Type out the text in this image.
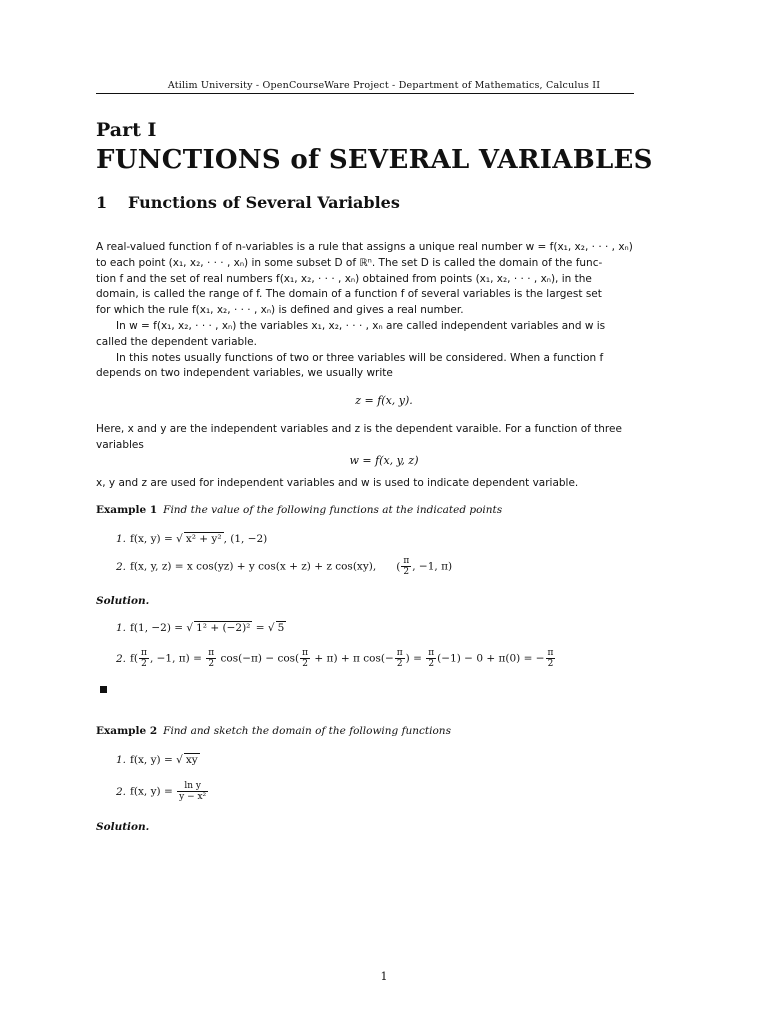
Atilim University - OpenCourseWare Project - Department of Mathematics, Calculus II
Part I
FUNCTIONS of SEVERAL VARIABLES
1 Functions of Several Variables
A real-valued function f of n-variables is a rule that assigns a unique real number w = f(x₁, x₂, · · · , xₙ)
to each point (x₁, x₂, · · · , xₙ) in some subset D of ℝⁿ. The set D is called the domain of the func-
tion f and the set of real numbers f(x₁, x₂, · · · , xₙ) obtained from points (x₁, x₂, · · · , xₙ), in the
domain, is called the range of f. The domain of a function f of several variables is the largest set
for which the rule f(x₁, x₂, · · · , xₙ) is defined and gives a real number.
In w = f(x₁, x₂, · · · , xₙ) the variables x₁, x₂, · · · , xₙ are called independent variables and w is
called the dependent variable.
In this notes usually functions of two or three variables will be considered. When a function f
depends on two independent variables, we usually write
z = f(x, y).
Here, x and y are the independent variables and z is the dependent varaible. For a function of three
variables
w = f(x, y, z)
x, y and z are used for independent variables and w is used to indicate dependent variable.
Example 1 Find the value of the following functions at the indicated points
1. f(x, y) = √ x² + y² , (1, −2)
2. f(x, y, z) = x cos(yz) + y cos(x + z) + z cos(xy), ( $\frac{\pi}{2}$ , −1, π)
Solution.
1. f(1, −2) = √ 1² + (−2)² = √ 5
2. $f( \frac{\pi}{2}$ , −1, $\pi) = \frac{\pi}{2} \cos(-\pi) - \cos( \frac{\pi}{2} + \pi) + \pi$ $\cos(- \frac{\pi}{2}$ ) = $\frac{\pi}{2} (-1) - 0 + \pi(0)$ = − $\frac{\pi}{2}$
Example 2 Find and sketch the domain of the following functions
1. f(x, y) = √ xy
2. f(x, $y) = \frac{\text{ln y}}{\text{y − x²}}$
Solution.
1
